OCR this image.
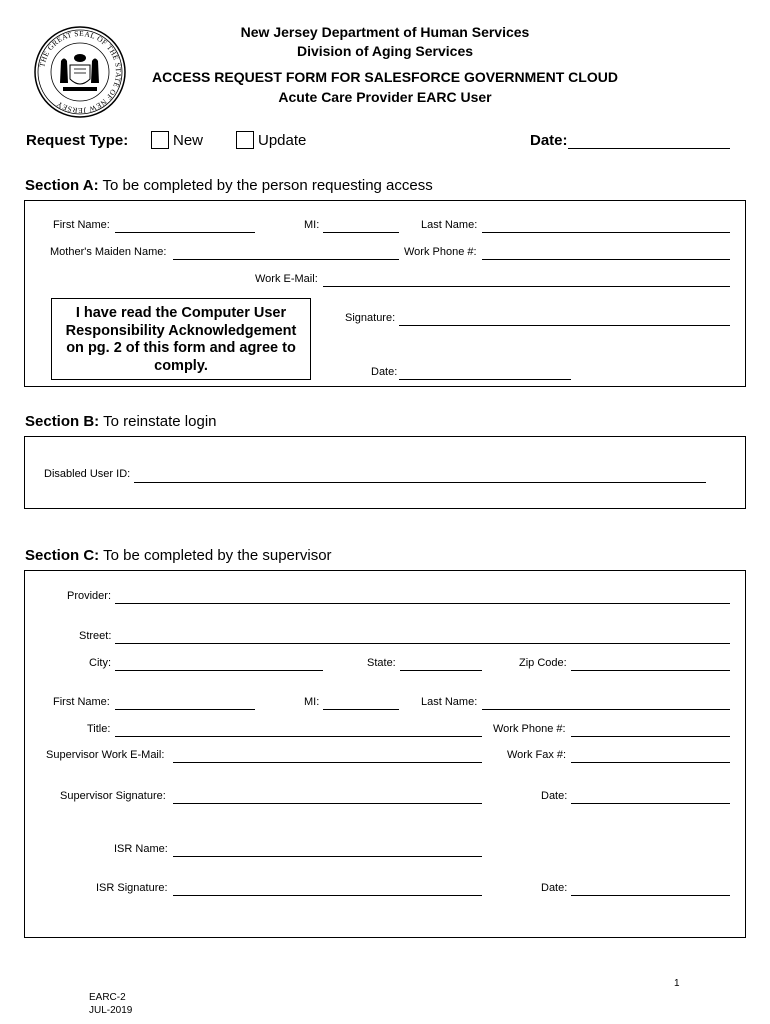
THE GREAT SEAL OF THE STATE OF NEW JERSEY
New Jersey Department of Human Services
Division of Aging Services
ACCESS REQUEST FORM FOR SALESFORCE GOVERNMENT CLOUD
Acute Care Provider EARC User
Request Type:	New	Update	Date:
Section A: To be completed by the person requesting access
First Name:	MI:	Last Name:
Mother's Maiden Name:	Work Phone #:
Work E-Mail:
I have read the Computer User Responsibility Acknowledgement on pg. 2 of this form and agree to comply.
Signature:
Date:
Section B: To reinstate login
Disabled User ID:
Section C: To be completed by the supervisor
Provider:
Street:
City:	State:	Zip Code:
First Name:	MI:	Last Name:
Title:	Work Phone #:
Supervisor Work E-Mail:	Work Fax #:
Supervisor Signature:	Date:
ISR Name:
ISR Signature:	Date:
1
EARC-2
JUL-2019
